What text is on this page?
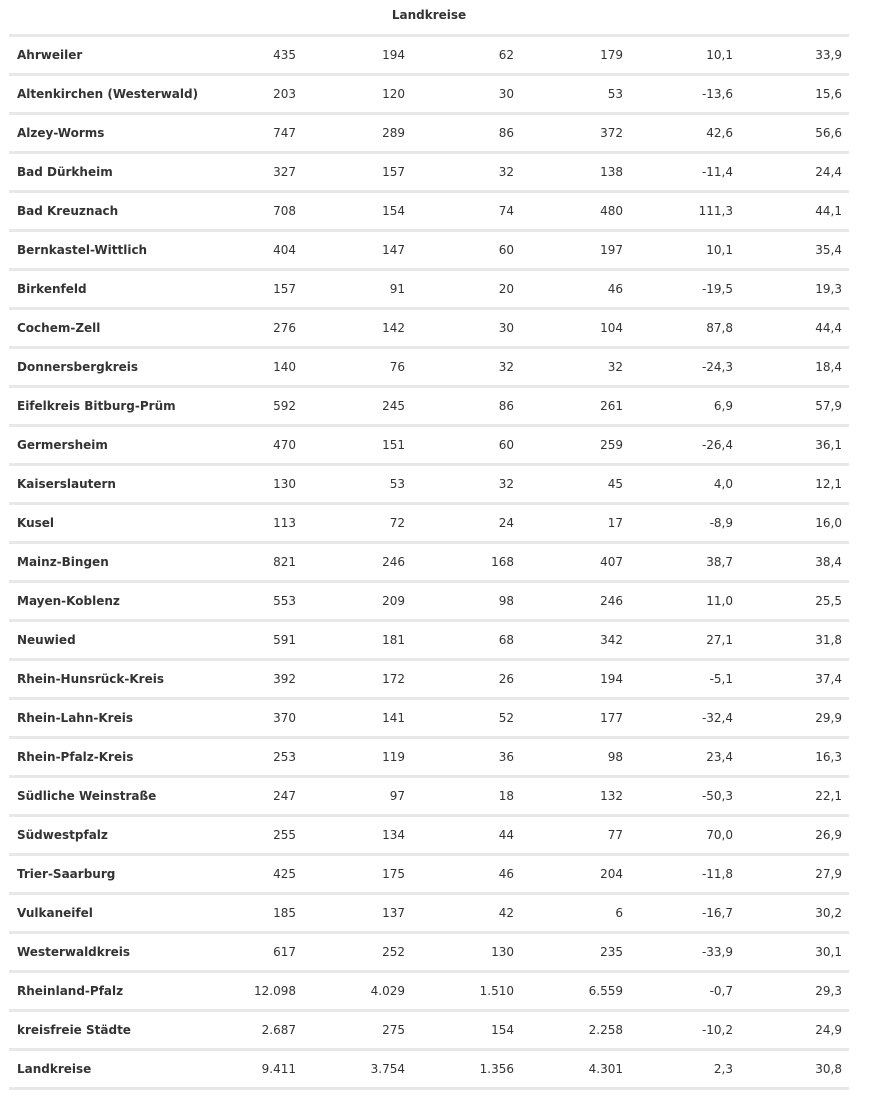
Landkreise
Ahrweiler	435	194	62	179	10,1	33,9
Altenkirchen (Westerwald)	203	120	30	53	-13,6	15,6
Alzey-Worms	747	289	86	372	42,6	56,6
Bad Dürkheim	327	157	32	138	-11,4	24,4
Bad Kreuznach	708	154	74	480	111,3	44,1
Bernkastel-Wittlich	404	147	60	197	10,1	35,4
Birkenfeld	157	91	20	46	-19,5	19,3
Cochem-Zell	276	142	30	104	87,8	44,4
Donnersbergkreis	140	76	32	32	-24,3	18,4
Eifelkreis Bitburg-Prüm	592	245	86	261	6,9	57,9
Germersheim	470	151	60	259	-26,4	36,1
Kaiserslautern	130	53	32	45	4,0	12,1
Kusel	113	72	24	17	-8,9	16,0
Mainz-Bingen	821	246	168	407	38,7	38,4
Mayen-Koblenz	553	209	98	246	11,0	25,5
Neuwied	591	181	68	342	27,1	31,8
Rhein-Hunsrück-Kreis	392	172	26	194	-5,1	37,4
Rhein-Lahn-Kreis	370	141	52	177	-32,4	29,9
Rhein-Pfalz-Kreis	253	119	36	98	23,4	16,3
Südliche Weinstraße	247	97	18	132	-50,3	22,1
Südwestpfalz	255	134	44	77	70,0	26,9
Trier-Saarburg	425	175	46	204	-11,8	27,9
Vulkaneifel	185	137	42	6	-16,7	30,2
Westerwaldkreis	617	252	130	235	-33,9	30,1
Rheinland-Pfalz	12.098	4.029	1.510	6.559	-0,7	29,3
kreisfreie Städte	2.687	275	154	2.258	-10,2	24,9
Landkreise	9.411	3.754	1.356	4.301	2,3	30,8
